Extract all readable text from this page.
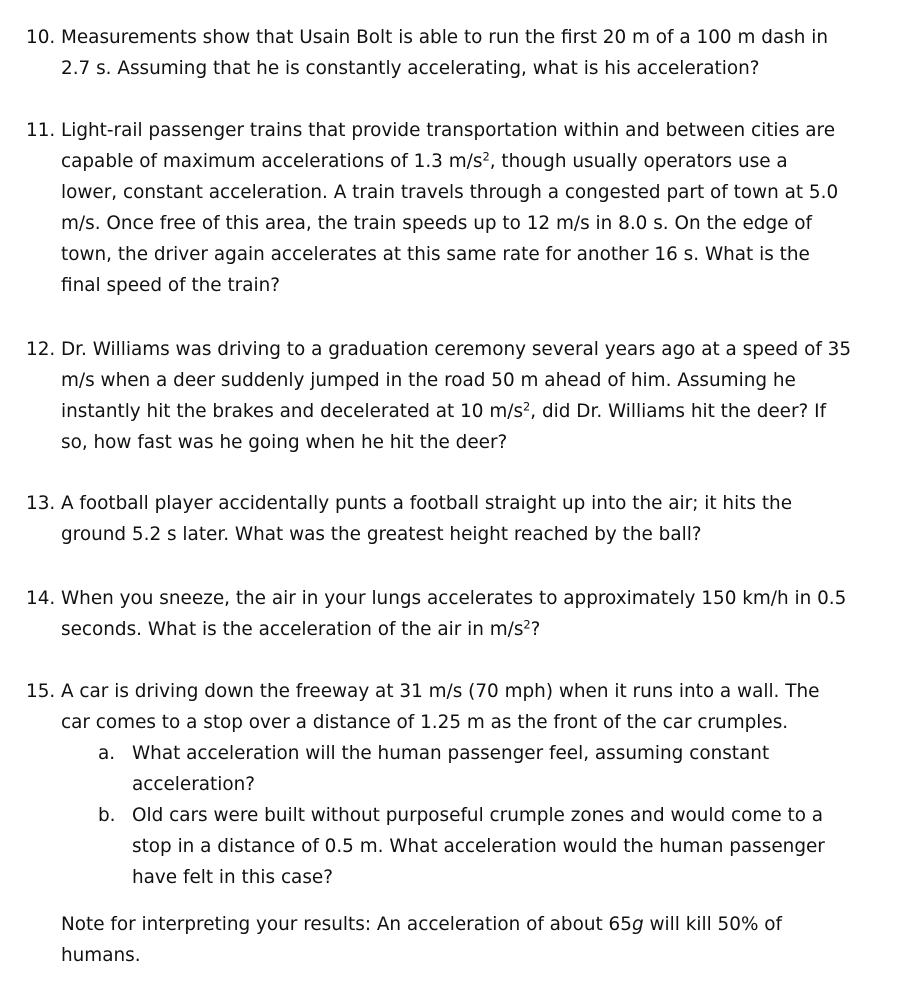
10. Measurements show that Usain Bolt is able to run the first 20 m of a 100 m dash in
2.7 s. Assuming that he is constantly accelerating, what is his acceleration?
11. Light-rail passenger trains that provide transportation within and between cities are
capable of maximum accelerations of 1.3 $m/s^2$, though usually operators use a
lower, constant acceleration. A train travels through a congested part of town at 5.0
m/s. Once free of this area, the train speeds up to 12 m/s in 8.0 s. On the edge of
town, the driver again accelerates at this same rate for another 16 s. What is the
final speed of the train?
12. Dr. Williams was driving to a graduation ceremony several years ago at a speed of 35
m/s when a deer suddenly jumped in the road 50 m ahead of him. Assuming he
instantly hit the brakes and decelerated at 10 $m/s^2$, did Dr. Williams hit the deer? If
so, how fast was he going when he hit the deer?
13. A football player accidentally punts a football straight up into the air; it hits the
ground 5.2 s later. What was the greatest height reached by the ball?
14. When you sneeze, the air in your lungs accelerates to approximately 150 km/h in 0.5
seconds. What is the acceleration of the air in $m/s^2$?
15. A car is driving down the freeway at 31 m/s (70 mph) when it runs into a wall. The
car comes to a stop over a distance of 1.25 m as the front of the car crumples.
a. What acceleration will the human passenger feel, assuming constant
acceleration?
b. Old cars were built without purposeful crumple zones and would come to a
stop in a distance of 0.5 m. What acceleration would the human passenger
have felt in this case?
Note for interpreting your results: An acceleration of about 65g will kill 50% of
humans.
